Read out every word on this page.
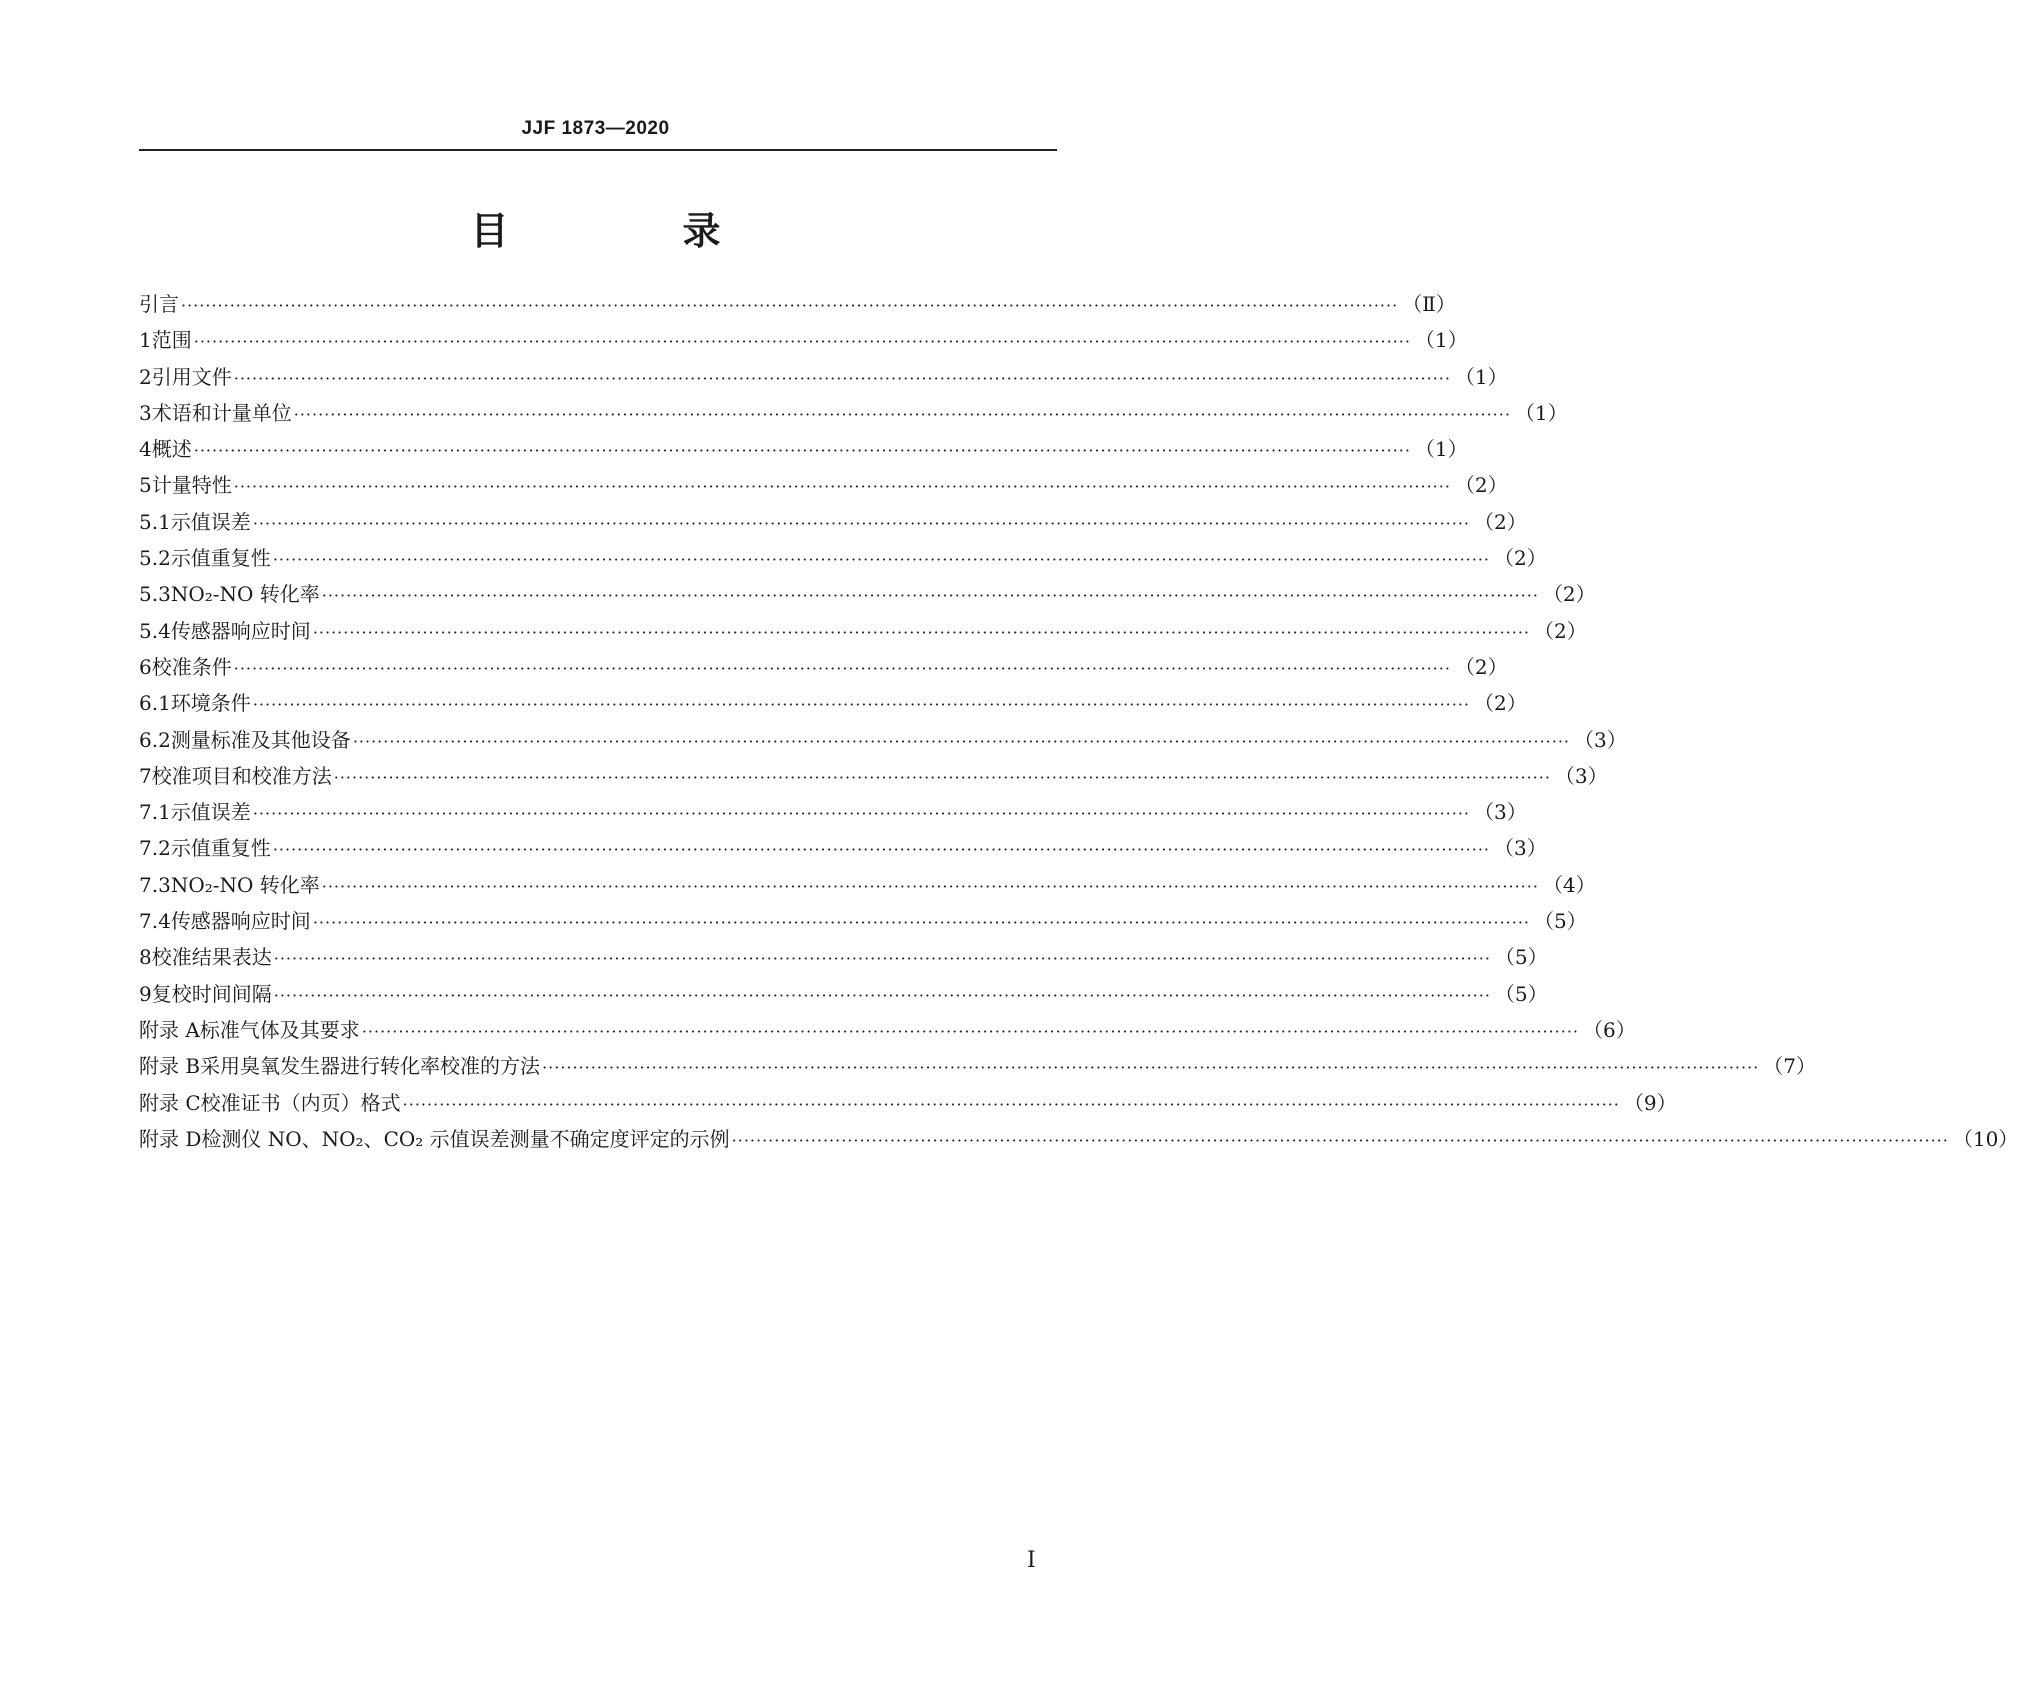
JJF 1873—2020
目　录
引言 ········································································································································································································ （Ⅱ）
1 范围 ········································································································································································································ （1）
2 引用文件 ········································································································································································································ （1）
3 术语和计量单位 ········································································································································································································ （1）
4 概述 ········································································································································································································ （1）
5 计量特性 ········································································································································································································ （2）
5.1 示值误差 ········································································································································································································ （2）
5.2 示值重复性 ········································································································································································································ （2）
5.3 NO₂-NO 转化率 ········································································································································································································ （2）
5.4 传感器响应时间 ········································································································································································································ （2）
6 校准条件 ········································································································································································································ （2）
6.1 环境条件 ········································································································································································································ （2）
6.2 测量标准及其他设备 ········································································································································································································ （3）
7 校准项目和校准方法 ········································································································································································································ （3）
7.1 示值误差 ········································································································································································································ （3）
7.2 示值重复性 ········································································································································································································ （3）
7.3 NO₂-NO 转化率 ········································································································································································································ （4）
7.4 传感器响应时间 ········································································································································································································ （5）
8 校准结果表达 ········································································································································································································ （5）
9 复校时间间隔 ········································································································································································································ （5）
附录 A 标准气体及其要求 ········································································································································································································ （6）
附录 B 采用臭氧发生器进行转化率校准的方法 ········································································································································································································ （7）
附录 C 校准证书（内页）格式 ········································································································································································································ （9）
附录 D 检测仪 NO、NO₂、CO₂ 示值误差测量不确定度评定的示例 ········································································································································································································ （10）
I
